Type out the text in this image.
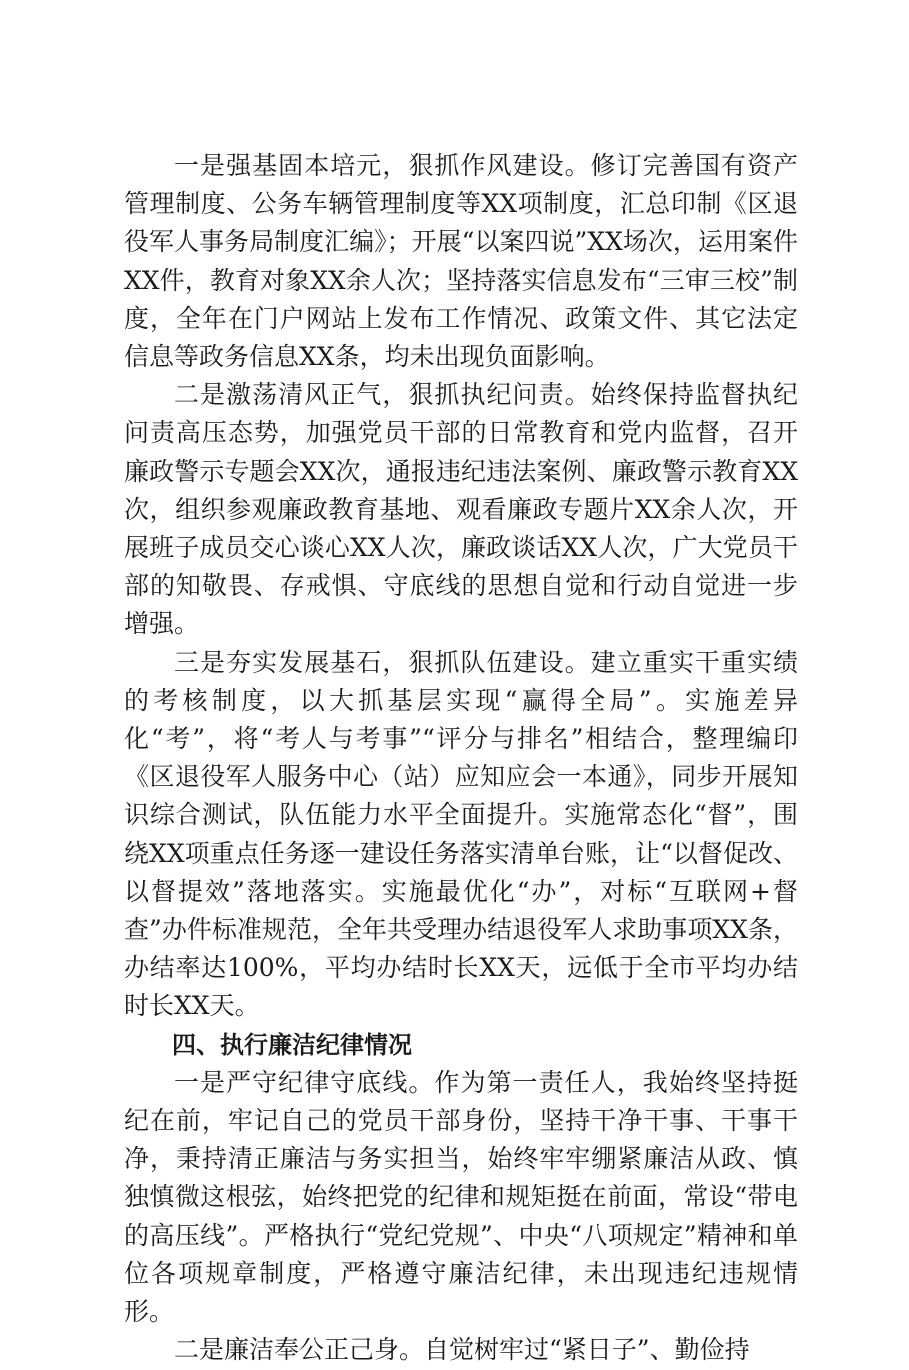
一是强基固本培元，狠抓作风建设。修订完善国有资产管理制度、公务车辆管理制度等XX项制度，汇总印制《区退役军人事务局制度汇编》；开展“以案四说”XX场次，运用案件XX件，教育对象XX余人次；坚持落实信息发布“三审三校”制度，全年在门户网站上发布工作情况、政策文件、其它法定信息等政务信息XX条，均未出现负面影响。

二是激荡清风正气，狠抓执纪问责。始终保持监督执纪问责高压态势，加强党员干部的日常教育和党内监督，召开廉政警示专题会XX次，通报违纪违法案例、廉政警示教育XX次，组织参观廉政教育基地、观看廉政专题片XX余人次，开展班子成员交心谈心XX人次，廉政谈话XX人次，广大党员干部的知敬畏、存戒惧、守底线的思想自觉和行动自觉进一步增强。

三是夯实发展基石，狠抓队伍建设。建立重实干重实绩的考核制度，以大抓基层实现“赢得全局”。实施差异化“考”，将“考人与考事”“评分与排名”相结合，整理编印《区退役军人服务中心（站）应知应会一本通》，同步开展知识综合测试，队伍能力水平全面提升。实施常态化“督”，围绕XX项重点任务逐一建设任务落实清单台账，让“以督促改、以督提效”落地落实。实施最优化“办”，对标“互联网+督查”办件标准规范，全年共受理办结退役军人求助事项XX条，办结率达100%，平均办结时长XX天，远低于全市平均办结时长XX天。

四、执行廉洁纪律情况

一是严守纪律守底线。作为第一责任人，我始终坚持挺纪在前，牢记自己的党员干部身份，坚持干净干事、干事干净，秉持清正廉洁与务实担当，始终牢牢绷紧廉洁从政、慎独慎微这根弦，始终把党的纪律和规矩挺在前面，常设“带电的高压线”。严格执行“党纪党规”、中央“八项规定”精神和单位各项规章制度，严格遵守廉洁纪律，未出现违纪违规情形。

二是廉洁奉公正己身。自觉树牢过“紧日子”、勤俭持
